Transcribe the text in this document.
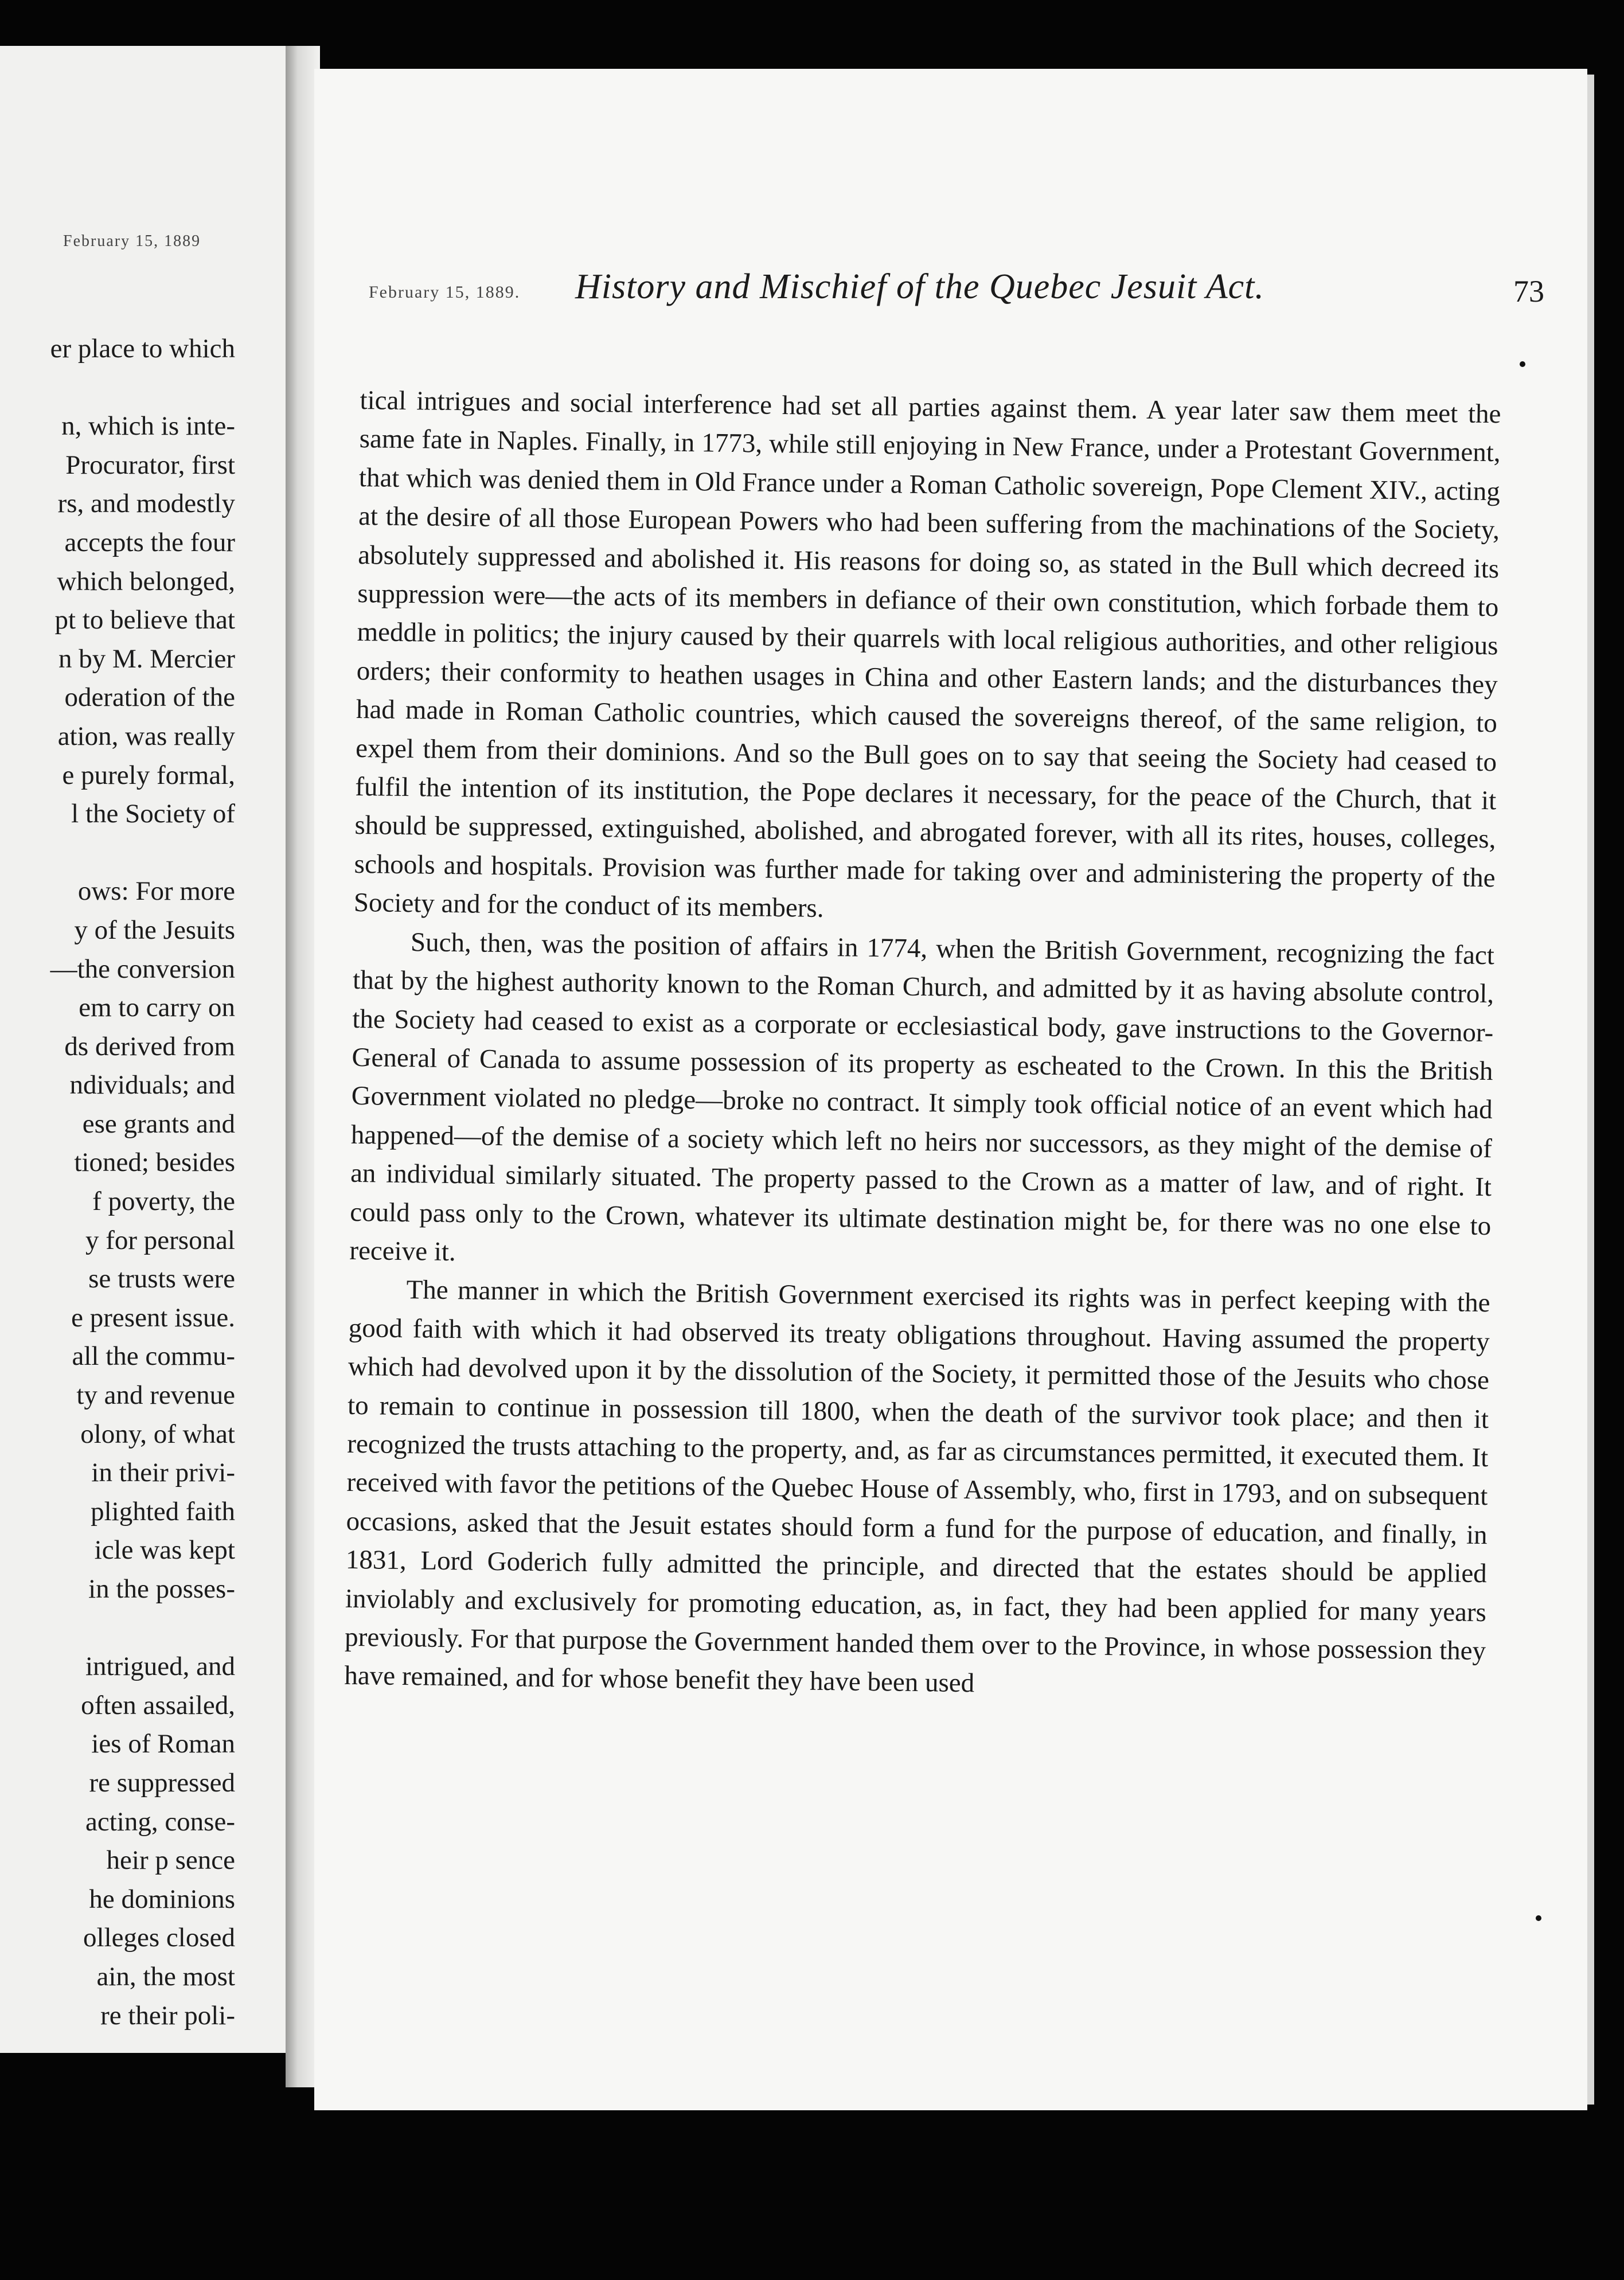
February 15, 1889
er place to which
n, which is inte-
Procurator, first
rs, and modestly
accepts the four
which belonged,
pt to believe that
n by M. Mercier
oderation of the
ation, was really
e purely formal,
l the Society of
ows: For more
y of the Jesuits
—the conversion
em to carry on
ds derived from
ndividuals; and
ese grants and
tioned; besides
f poverty, the
y for personal
se trusts were
e present issue.
all the commu-
ty and revenue
olony, of what
in their privi-
plighted faith
icle was kept
in the posses-
intrigued, and
often assailed,
ies of Roman
re suppressed
acting, conse-
heir p sence
he dominions
olleges closed
ain, the most
re their poli-
February 15, 1889. History and Mischief of the Quebec Jesuit Act.	73

tical intrigues and social interference had set all parties against them. A year later saw them meet the same fate in Naples. Finally, in 1773, while still enjoying in New France, under a Protestant Government, that which was denied them in Old France under a Roman Catholic sovereign, Pope Clement XIV., acting at the desire of all those European Powers who had been suffering from the machinations of the Society, absolutely suppressed and abolished it. His reasons for doing so, as stated in the Bull which decreed its suppression were—the acts of its members in defiance of their own constitution, which forbade them to meddle in politics; the injury caused by their quarrels with local religious authorities, and other religious orders; their conformity to heathen usages in China and other Eastern lands; and the disturbances they had made in Roman Catholic countries, which caused the sovereigns thereof, of the same religion, to expel them from their dominions. And so the Bull goes on to say that seeing the Society had ceased to fulfil the intention of its institution, the Pope declares it necessary, for the peace of the Church, that it should be suppressed, extinguished, abolished, and abrogated forever, with all its rites, houses, colleges, schools and hospitals. Provision was further made for taking over and administering the property of the Society and for the conduct of its members.

Such, then, was the position of affairs in 1774, when the British Government, recognizing the fact that by the highest authority known to the Roman Church, and admitted by it as having absolute control, the Society had ceased to exist as a corporate or ecclesiastical body, gave instructions to the Governor-General of Canada to assume possession of its property as escheated to the Crown. In this the British Government violated no pledge—broke no contract. It simply took official notice of an event which had happened—of the demise of a society which left no heirs nor successors, as they might of the demise of an individual similarly situated. The property passed to the Crown as a matter of law, and of right. It could pass only to the Crown, whatever its ultimate destination might be, for there was no one else to receive it.

The manner in which the British Government exercised its rights was in perfect keeping with the good faith with which it had observed its treaty obligations throughout. Having assumed the property which had devolved upon it by the dissolution of the Society, it permitted those of the Jesuits who chose to remain to continue in possession till 1800, when the death of the survivor took place; and then it recognized the trusts attaching to the property, and, as far as circumstances permitted, it executed them. It received with favor the petitions of the Quebec House of Assembly, who, first in 1793, and on subsequent occasions, asked that the Jesuit estates should form a fund for the purpose of education, and finally, in 1831, Lord Goderich fully admitted the principle, and directed that the estates should be applied inviolably and exclusively for promoting education, as, in fact, they had been applied for many years previously. For that purpose the Government handed them over to the Province, in whose possession they have remained, and for whose benefit they have been used
